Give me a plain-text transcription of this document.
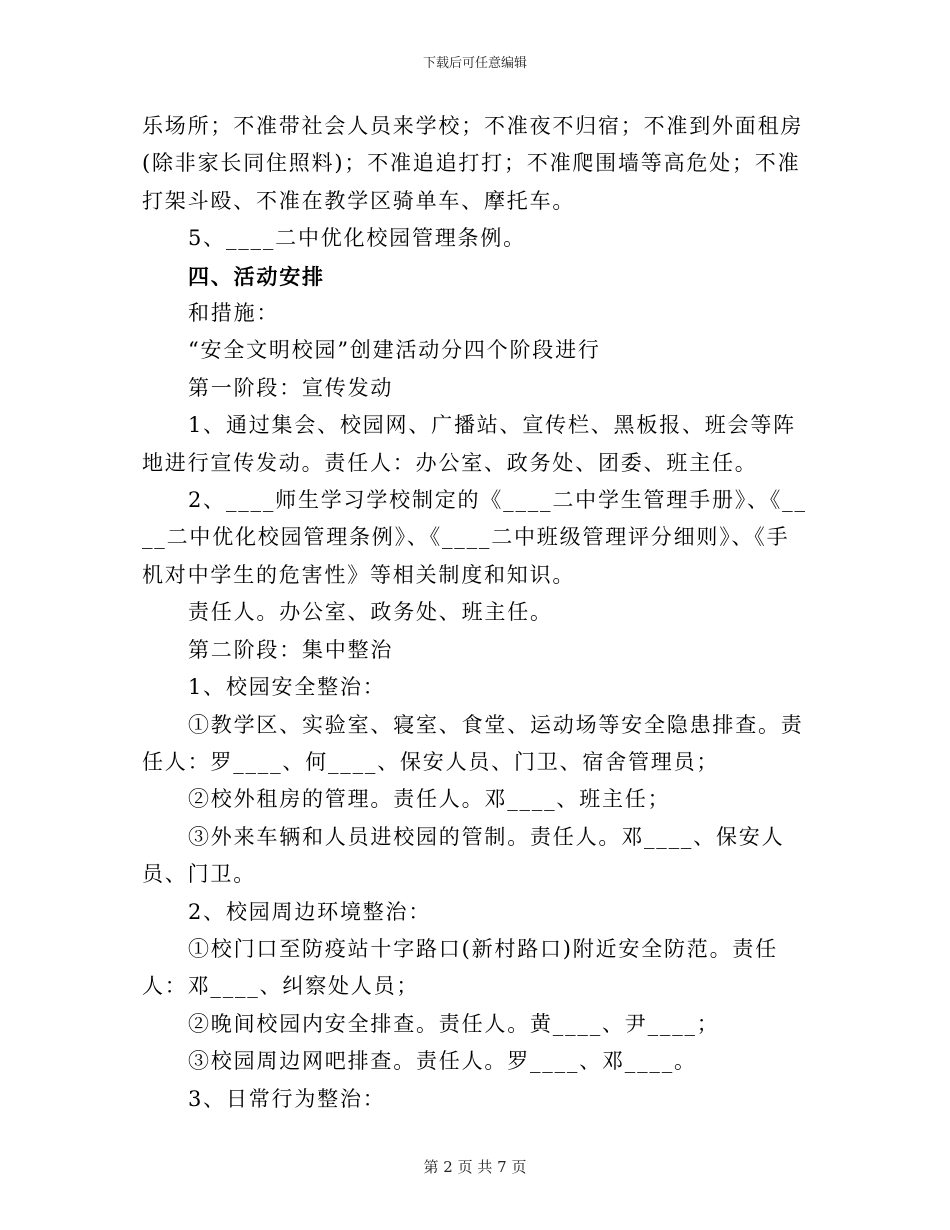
下载后可任意编辑

乐场所；不准带社会人员来学校；不准夜不归宿；不准到外面租房(除非家长同住照料)；不准追追打打；不准爬围墙等高危处；不准打架斗殴、不准在教学区骑单车、摩托车。

5、____二中优化校园管理条例。

四、活动安排

和措施：

“安全文明校园”创建活动分四个阶段进行

第一阶段：宣传发动

1、通过集会、校园网、广播站、宣传栏、黑板报、班会等阵地进行宣传发动。责任人：办公室、政务处、团委、班主任。

2、____师生学习学校制定的《____二中学生管理手册》、《____二中优化校园管理条例》、《____二中班级管理评分细则》、《手机对中学生的危害性》等相关制度和知识。

责任人。办公室、政务处、班主任。

第二阶段：集中整治

1、校园安全整治：

①教学区、实验室、寝室、食堂、运动场等安全隐患排查。责任人：罗____、何____、保安人员、门卫、宿舍管理员；

②校外租房的管理。责任人。邓____、班主任；

③外来车辆和人员进校园的管制。责任人。邓____、保安人员、门卫。

2、校园周边环境整治：

①校门口至防疫站十字路口(新村路口)附近安全防范。责任人：邓____、纠察处人员；

②晚间校园内安全排查。责任人。黄____、尹____；

③校园周边网吧排查。责任人。罗____、邓____。

3、日常行为整治：

第 2 页 共 7 页
